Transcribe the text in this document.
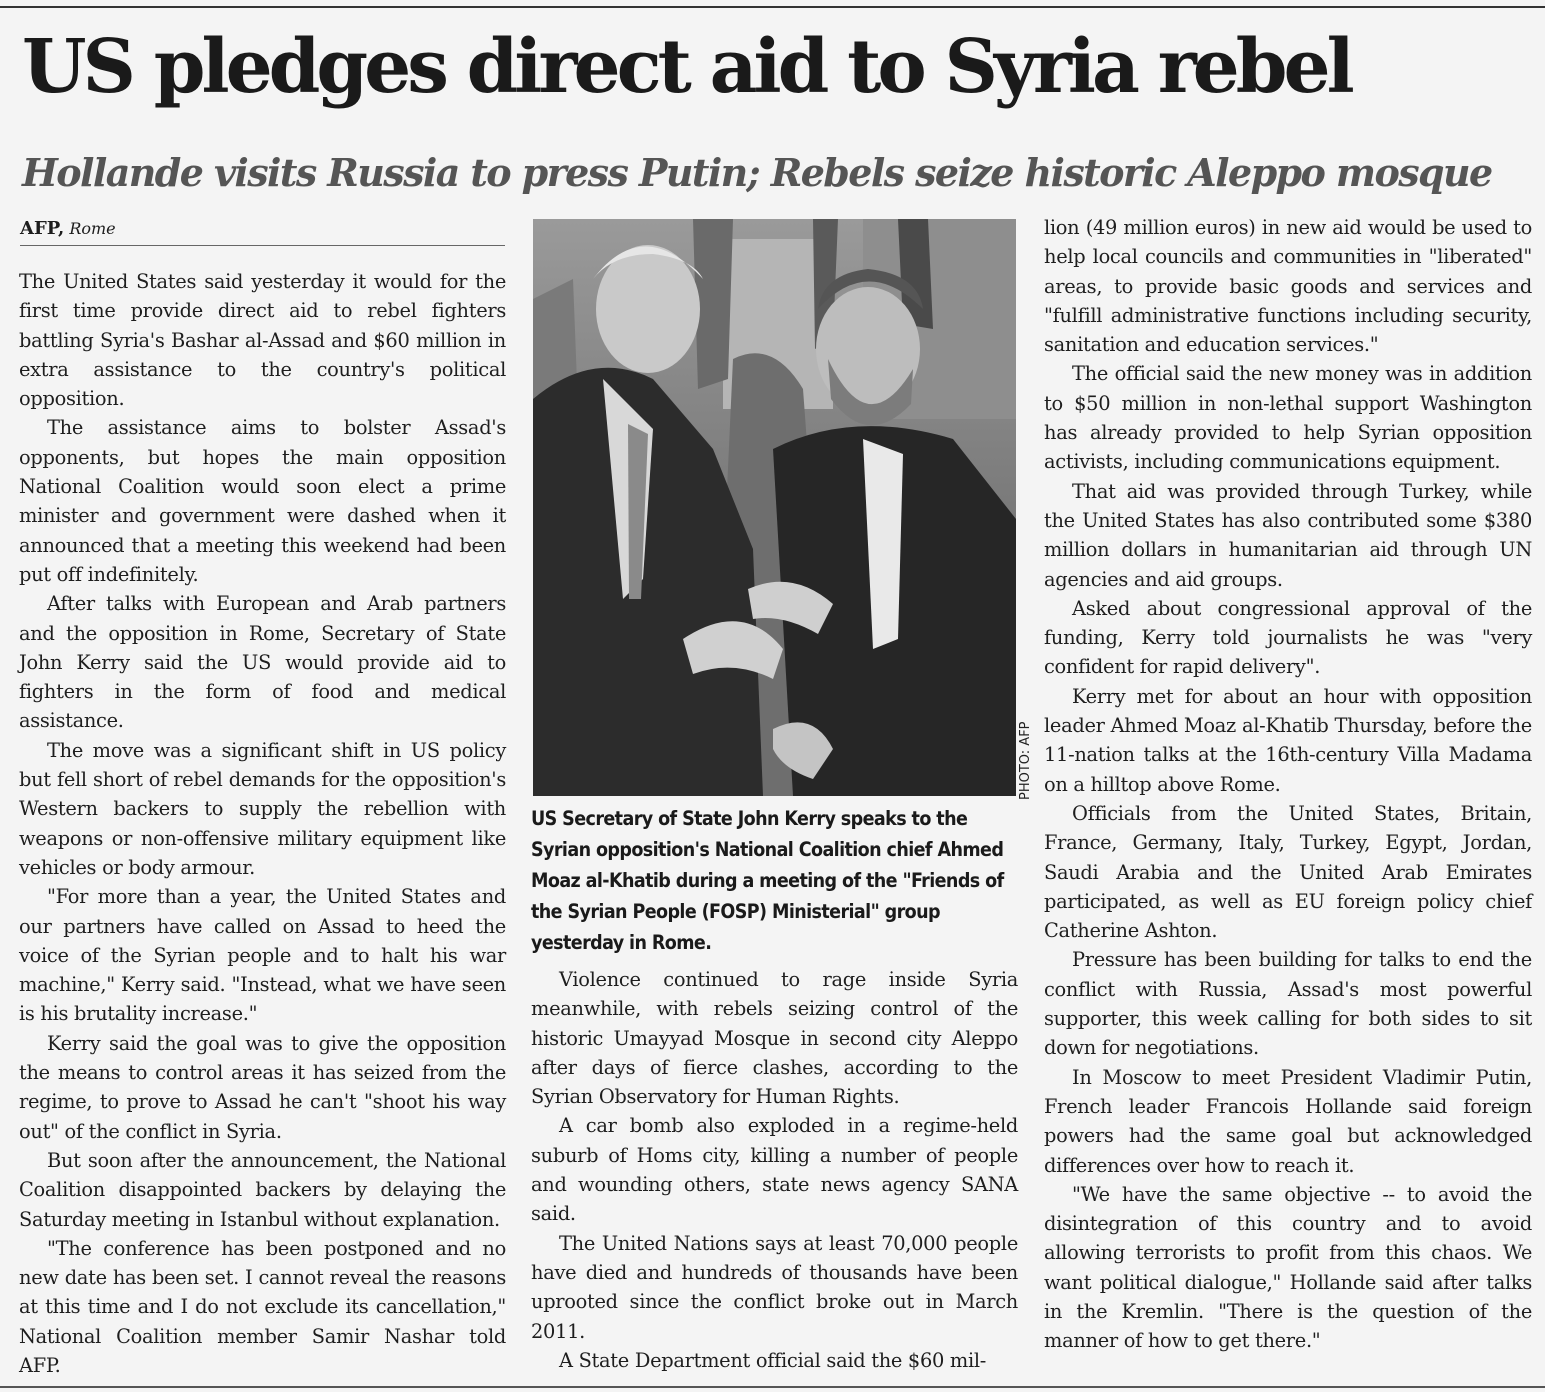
US pledges direct aid to Syria rebel
Hollande visits Russia to press Putin; Rebels seize historic Aleppo mosque
AFP, Rome

The United States said yesterday it would for the first time provide direct aid to rebel fighters battling Syria's Bashar al-Assad and $60 million in extra assistance to the country's political opposition.

The assistance aims to bolster Assad's opponents, but hopes the main opposition National Coalition would soon elect a prime minister and government were dashed when it announced that a meeting this weekend had been put off indefinitely.

After talks with European and Arab partners and the opposition in Rome, Secretary of State John Kerry said the US would provide aid to fighters in the form of food and medical assistance.

The move was a significant shift in US policy but fell short of rebel demands for the opposition's Western backers to supply the rebellion with weapons or non-offensive military equipment like vehicles or body armour.

"For more than a year, the United States and our partners have called on Assad to heed the voice of the Syrian people and to halt his war machine," Kerry said. "Instead, what we have seen is his brutality increase."

Kerry said the goal was to give the opposition the means to control areas it has seized from the regime, to prove to Assad he can't "shoot his way out" of the conflict in Syria.

But soon after the announcement, the National Coalition disappointed backers by delaying the Saturday meeting in Istanbul without explanation.

"The conference has been postponed and no new date has been set. I cannot reveal the reasons at this time and I do not exclude its cancellation," National Coalition member Samir Nashar told AFP.

PHOTO: AFP

US Secretary of State John Kerry speaks to the Syrian opposition's National Coalition chief Ahmed Moaz al-Khatib during a meeting of the "Friends of the Syrian People (FOSP) Ministerial" group yesterday in Rome.

Violence continued to rage inside Syria meanwhile, with rebels seizing control of the historic Umayyad Mosque in second city Aleppo after days of fierce clashes, according to the Syrian Observatory for Human Rights.

A car bomb also exploded in a regime-held suburb of Homs city, killing a number of people and wounding others, state news agency SANA said.

The United Nations says at least 70,000 people have died and hundreds of thousands have been uprooted since the conflict broke out in March 2011.

A State Department official said the $60 mil-

lion (49 million euros) in new aid would be used to help local councils and communities in "liberated" areas, to provide basic goods and services and "fulfill administrative functions including security, sanitation and education services."

The official said the new money was in addition to $50 million in non-lethal support Washington has already provided to help Syrian opposition activists, including communications equipment.

That aid was provided through Turkey, while the United States has also contributed some $380 million dollars in humanitarian aid through UN agencies and aid groups.

Asked about congressional approval of the funding, Kerry told journalists he was "very confident for rapid delivery".

Kerry met for about an hour with opposition leader Ahmed Moaz al-Khatib Thursday, before the 11-nation talks at the 16th-century Villa Madama on a hilltop above Rome.

Officials from the United States, Britain, France, Germany, Italy, Turkey, Egypt, Jordan, Saudi Arabia and the United Arab Emirates participated, as well as EU foreign policy chief Catherine Ashton.

Pressure has been building for talks to end the conflict with Russia, Assad's most powerful supporter, this week calling for both sides to sit down for negotiations.

In Moscow to meet President Vladimir Putin, French leader Francois Hollande said foreign powers had the same goal but acknowledged differences over how to reach it.

"We have the same objective -- to avoid the disintegration of this country and to avoid allowing terrorists to profit from this chaos. We want political dialogue," Hollande said after talks in the Kremlin. "There is the question of the manner of how to get there."
